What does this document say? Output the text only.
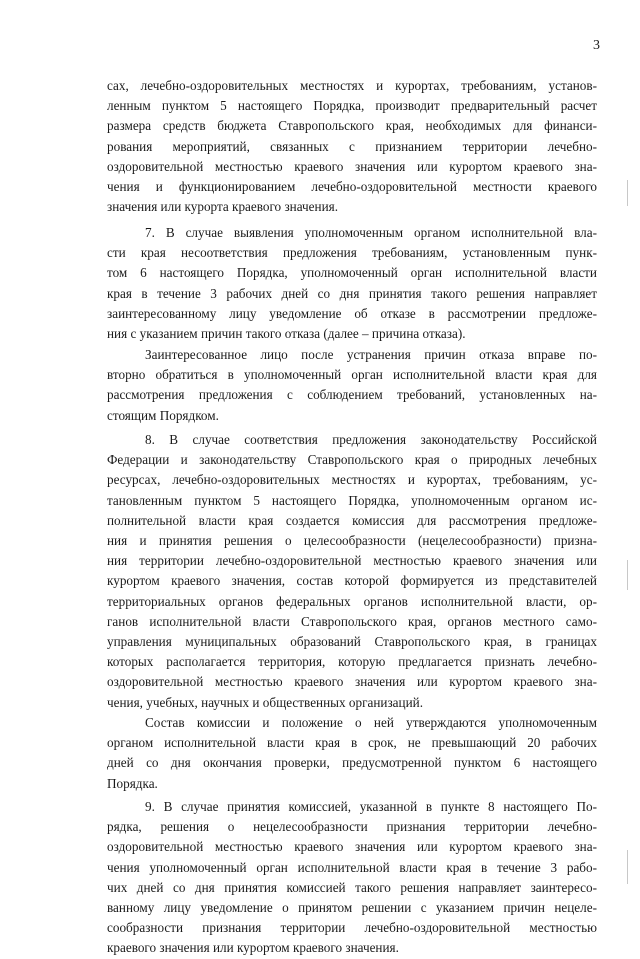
3
сах, лечебно-оздоровительных местностях и курортах, требованиям, установ-
ленным пунктом 5 настоящего Порядка, производит предварительный расчет
размера средств бюджета Ставропольского края, необходимых для финанси-
рования мероприятий, связанных с признанием территории лечебно-
оздоровительной местностью краевого значения или курортом краевого зна-
чения и функционированием лечебно-оздоровительной местности краевого
значения или курорта краевого значения.
7. В случае выявления уполномоченным органом исполнительной вла-
сти края несоответствия предложения требованиям, установленным пунк-
том 6 настоящего Порядка, уполномоченный орган исполнительной власти
края в течение 3 рабочих дней со дня принятия такого решения направляет
заинтересованному лицу уведомление об отказе в рассмотрении предложе-
ния с указанием причин такого отказа (далее – причина отказа).
Заинтересованное лицо после устранения причин отказа вправе по-
вторно обратиться в уполномоченный орган исполнительной власти края для
рассмотрения предложения с соблюдением требований, установленных на-
стоящим Порядком.
8. В случае соответствия предложения законодательству Российской
Федерации и законодательству Ставропольского края о природных лечебных
ресурсах, лечебно-оздоровительных местностях и курортах, требованиям, ус-
тановленным пунктом 5 настоящего Порядка, уполномоченным органом ис-
полнительной власти края создается комиссия для рассмотрения предложе-
ния и принятия решения о целесообразности (нецелесообразности) призна-
ния территории лечебно-оздоровительной местностью краевого значения или
курортом краевого значения, состав которой формируется из представителей
территориальных органов федеральных органов исполнительной власти, ор-
ганов исполнительной власти Ставропольского края, органов местного само-
управления муниципальных образований Ставропольского края, в границах
которых располагается территория, которую предлагается признать лечебно-
оздоровительной местностью краевого значения или курортом краевого зна-
чения, учебных, научных и общественных организаций.
Состав комиссии и положение о ней утверждаются уполномоченным
органом исполнительной власти края в срок, не превышающий 20 рабочих
дней со дня окончания проверки, предусмотренной пунктом 6 настоящего
Порядка.
9. В случае принятия комиссией, указанной в пункте 8 настоящего По-
рядка, решения о нецелесообразности признания территории лечебно-
оздоровительной местностью краевого значения или курортом краевого зна-
чения уполномоченный орган исполнительной власти края в течение 3 рабо-
чих дней со дня принятия комиссией такого решения направляет заинтересо-
ванному лицу уведомление о принятом решении с указанием причин нецеле-
сообразности признания территории лечебно-оздоровительной местностью
краевого значения или курортом краевого значения.
